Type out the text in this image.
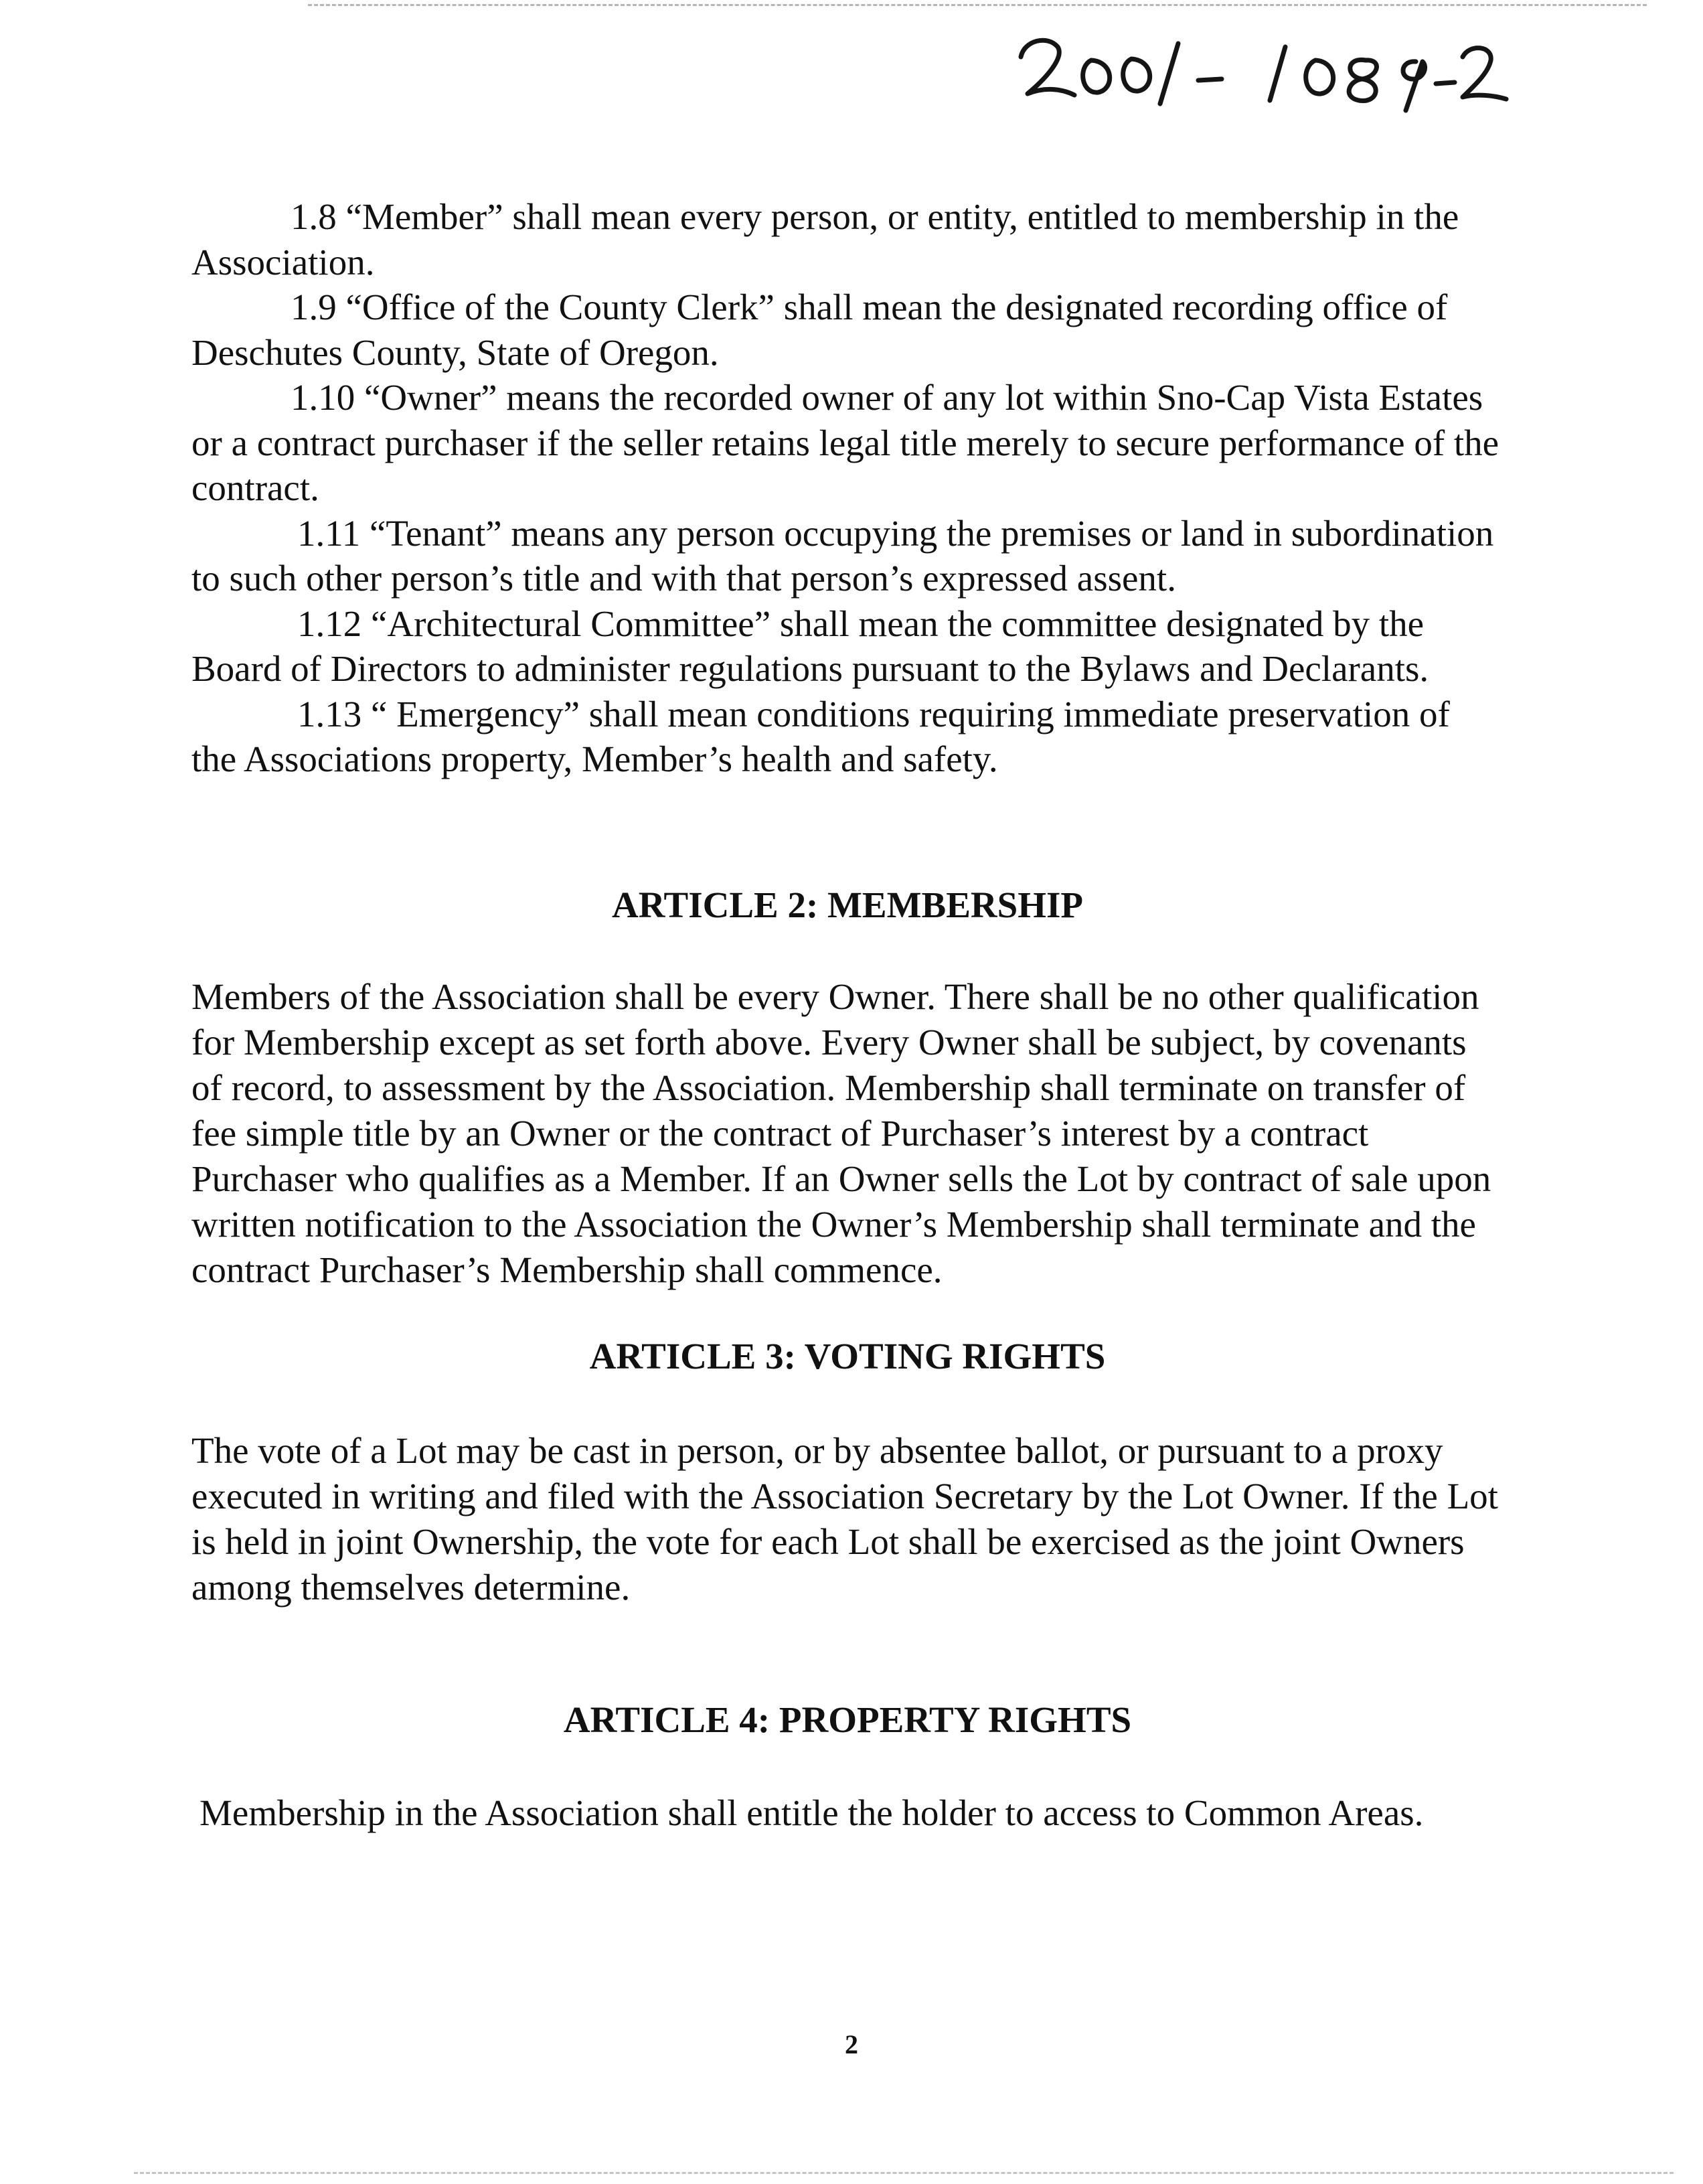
1.8 “Member” shall mean every person, or entity, entitled to membership in the Association.

1.9 “Office of the County Clerk” shall mean the designated recording office of Deschutes County, State of Oregon.

1.10 “Owner” means the recorded owner of any lot within Sno-Cap Vista Estates or a contract purchaser if the seller retains legal title merely to secure performance of the contract.

1.11 “Tenant” means any person occupying the premises or land in subordination to such other person’s title and with that person’s expressed assent.

1.12 “Architectural Committee” shall mean the committee designated by the Board of Directors to administer regulations pursuant to the Bylaws and Declarants.

1.13 “ Emergency” shall mean conditions requiring immediate preservation of the Associations property, Member’s health and safety.

ARTICLE 2: MEMBERSHIP

Members of the Association shall be every Owner. There shall be no other qualification for Membership except as set forth above. Every Owner shall be subject, by covenants of record, to assessment by the Association. Membership shall terminate on transfer of fee simple title by an Owner or the contract of Purchaser’s interest by a contract Purchaser who qualifies as a Member. If an Owner sells the Lot by contract of sale upon written notification to the Association the Owner’s Membership shall terminate and the contract Purchaser’s Membership shall commence.

ARTICLE 3: VOTING RIGHTS

The vote of a Lot may be cast in person, or by absentee ballot, or pursuant to a proxy executed in writing and filed with the Association Secretary by the Lot Owner. If the Lot is held in joint Ownership, the vote for each Lot shall be exercised as the joint Owners among themselves determine.

ARTICLE 4: PROPERTY RIGHTS

Membership in the Association shall entitle the holder to access to Common Areas.

2
